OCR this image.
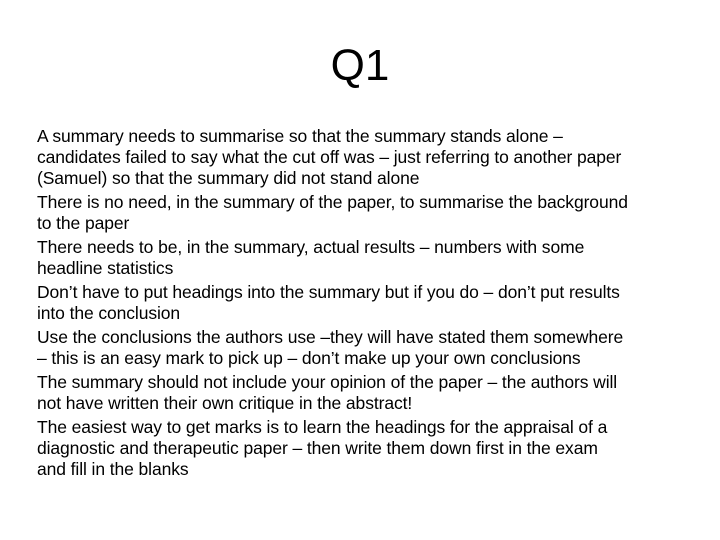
Q1
A summary needs to summarise so that the summary stands alone –
candidates failed to say what the cut off was – just referring to another paper
(Samuel) so that the summary did not stand alone
There is no need, in the summary of the paper, to summarise the background
to the paper
There needs to be, in the summary, actual results – numbers with some
headline statistics
Don’t have to put headings into the summary but if you do – don’t put results
into the conclusion
Use the conclusions the authors use –they will have stated them somewhere
– this is an easy mark to pick up – don’t make up your own conclusions
The summary should not include your opinion of the paper – the authors will
not have written their own critique in the abstract!
The easiest way to get marks is to learn the headings for the appraisal of a
diagnostic and therapeutic paper – then write them down first in the exam
and fill in the blanks
